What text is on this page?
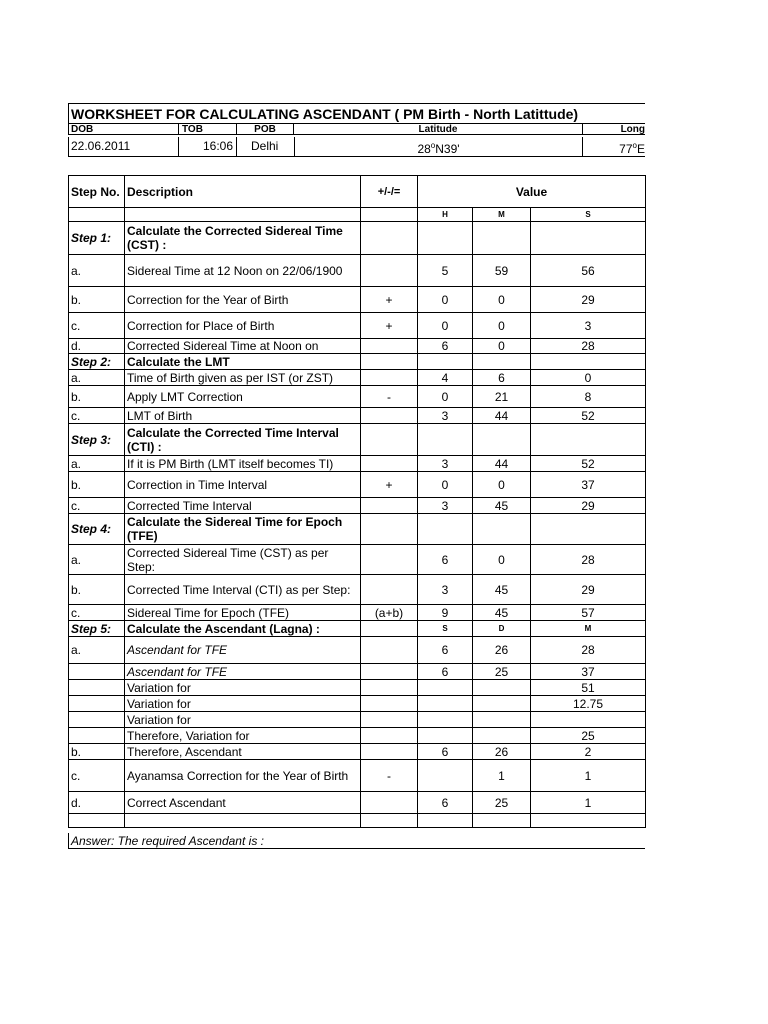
WORKSHEET FOR CALCULATING ASCENDANT ( PM Birth - North Latittude)
DOB	TOB	POB	Latitude	Long
22.06.2011	16:06	Delhi	28$^o$N39'	77$^o$E
Step No.	Description	+/-/=	Value		
			H	M	S
Step 1:	Calculate the Corrected Sidereal Time (CST) :				
a.	Sidereal Time at 12 Noon on 22/06/1900		5	59	56
b.	Correction for the Year of Birth	+	0	0	29
c.	Correction for Place of Birth	+	0	0	3
d.	Corrected Sidereal Time at Noon on		6	0	28
Step 2:	Calculate the LMT				
a.	Time of Birth given as per IST (or ZST)		4	6	0
b.	Apply LMT Correction	-	0	21	8
c.	LMT of Birth		3	44	52
Step 3:	Calculate the Corrected Time Interval (CTI) :				
a.	If it is PM Birth (LMT itself becomes TI)		3	44	52
b.	Correction in Time Interval	+	0	0	37
c.	Corrected Time Interval		3	45	29
Step 4:	Calculate the Sidereal Time for Epoch (TFE)				
a.	Corrected Sidereal Time (CST) as per Step:		6	0	28
b.	Corrected Time Interval (CTI) as per Step:		3	45	29
c.	Sidereal Time for Epoch (TFE)	(a+b)	9	45	57
Step 5:	Calculate the Ascendant (Lagna) :		S	D	M
a.	Ascendant for TFE		6	26	28
	Ascendant for TFE		6	25	37
	Variation for				51
	Variation for				12.75
	Variation for				
	Therefore, Variation for				25
b.	Therefore, Ascendant		6	26	2
c.	Ayanamsa Correction for the Year of Birth	-		1	1
d.	Correct Ascendant		6	25	1

Answer: The required Ascendant is :
